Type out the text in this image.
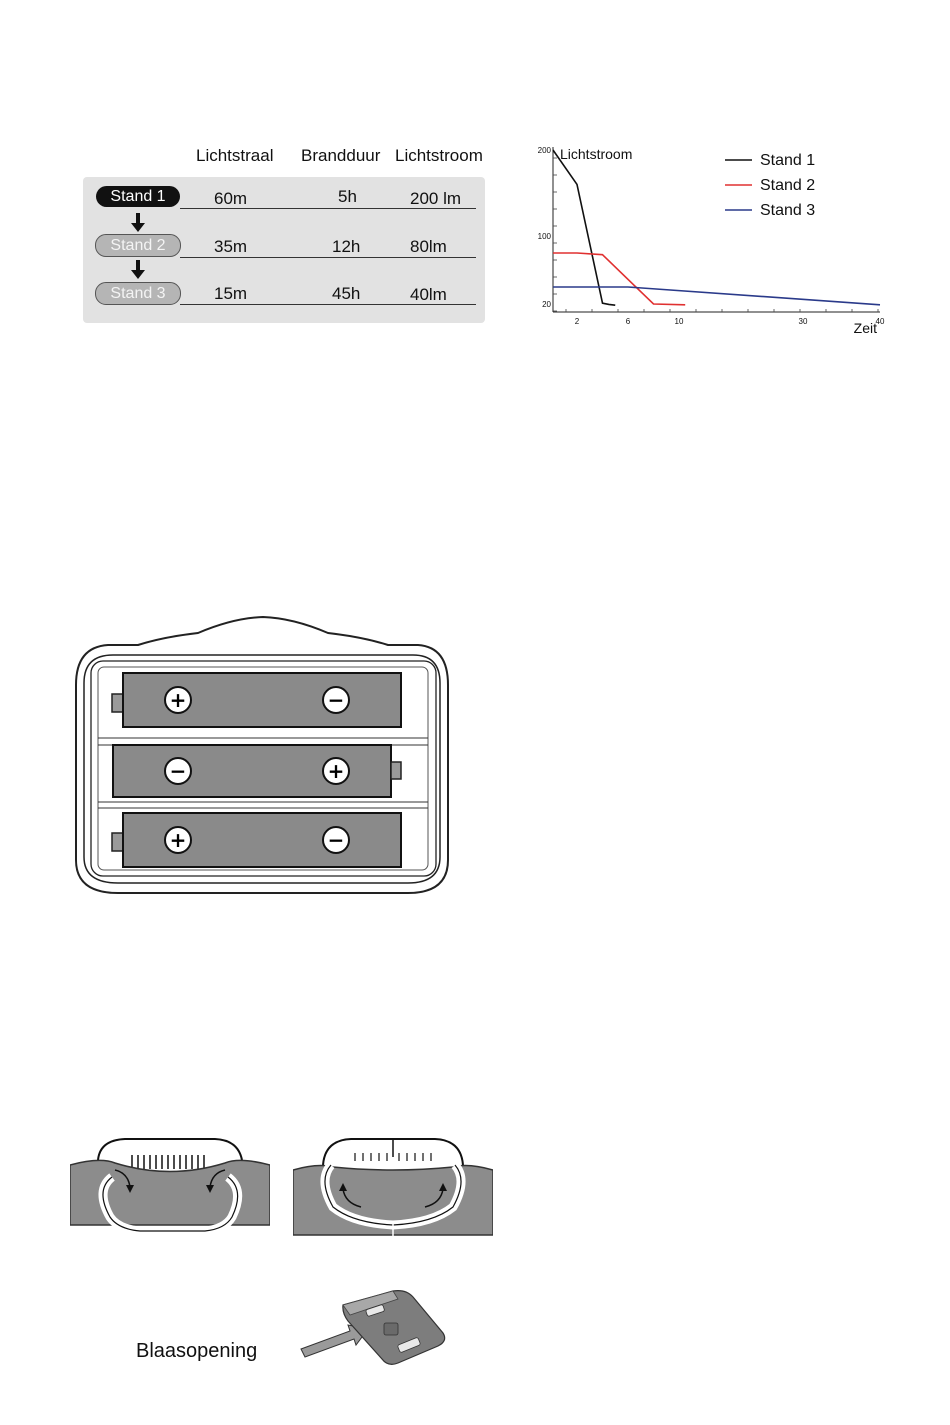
Lichtstraal Brandduur Lichtstroom
Stand 1	60m	5h	200 lm
Stand 2	35m	12h	80lm
Stand 3	15m	45h	40lm
20
100
200
2	6	10	30	40
Lichtstroom
Zeit
Stand 1
Stand 2
Stand 3
+	−
−	+
+	−
Blaasopening
